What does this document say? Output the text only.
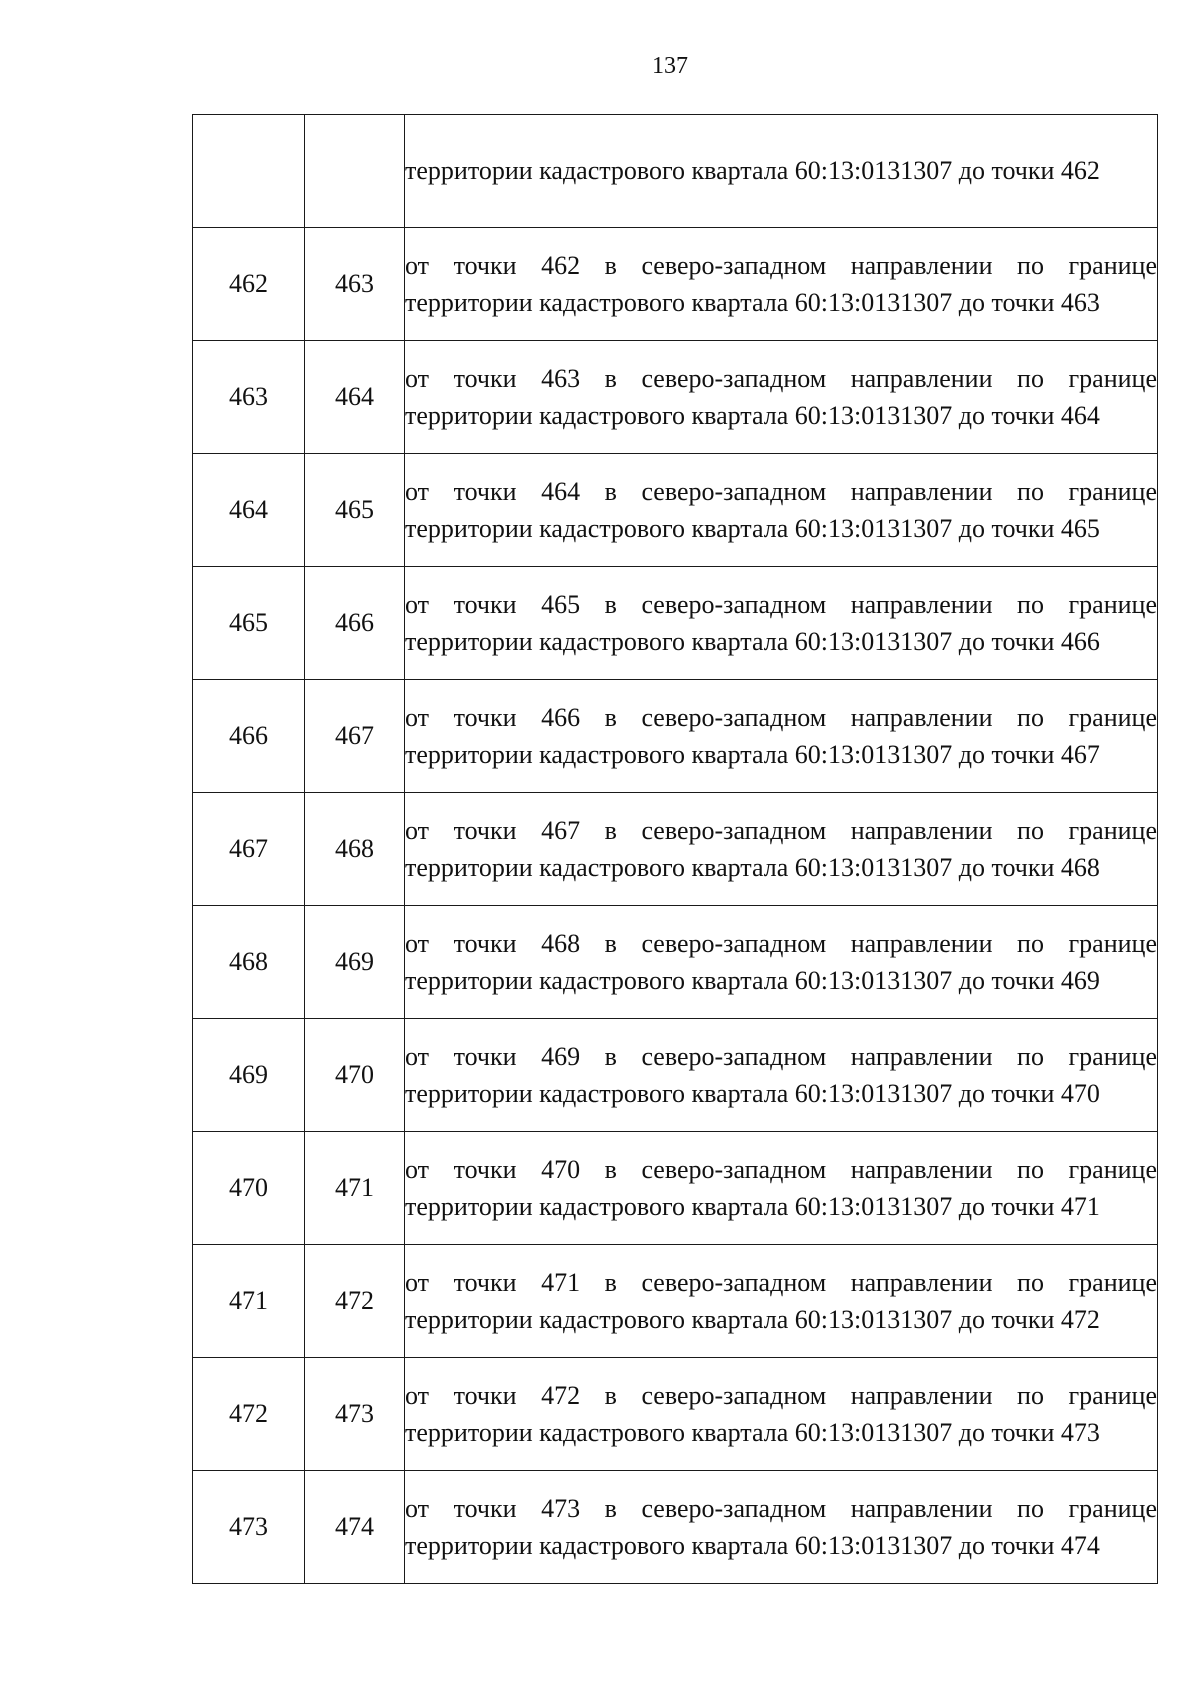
137
		территории кадастрового квартала 60:13:0131307 до точки 462
462	463	от точки 462 в северо-западном направлении по границе территории кадастрового квартала 60:13:0131307 до точки 463
463	464	от точки 463 в северо-западном направлении по границе территории кадастрового квартала 60:13:0131307 до точки 464
464	465	от точки 464 в северо-западном направлении по границе территории кадастрового квартала 60:13:0131307 до точки 465
465	466	от точки 465 в северо-западном направлении по границе территории кадастрового квартала 60:13:0131307 до точки 466
466	467	от точки 466 в северо-западном направлении по границе территории кадастрового квартала 60:13:0131307 до точки 467
467	468	от точки 467 в северо-западном направлении по границе территории кадастрового квартала 60:13:0131307 до точки 468
468	469	от точки 468 в северо-западном направлении по границе территории кадастрового квартала 60:13:0131307 до точки 469
469	470	от точки 469 в северо-западном направлении по границе территории кадастрового квартала 60:13:0131307 до точки 470
470	471	от точки 470 в северо-западном направлении по границе территории кадастрового квартала 60:13:0131307 до точки 471
471	472	от точки 471 в северо-западном направлении по границе территории кадастрового квартала 60:13:0131307 до точки 472
472	473	от точки 472 в северо-западном направлении по границе территории кадастрового квартала 60:13:0131307 до точки 473
473	474	от точки 473 в северо-западном направлении по границе территории кадастрового квартала 60:13:0131307 до точки 474
